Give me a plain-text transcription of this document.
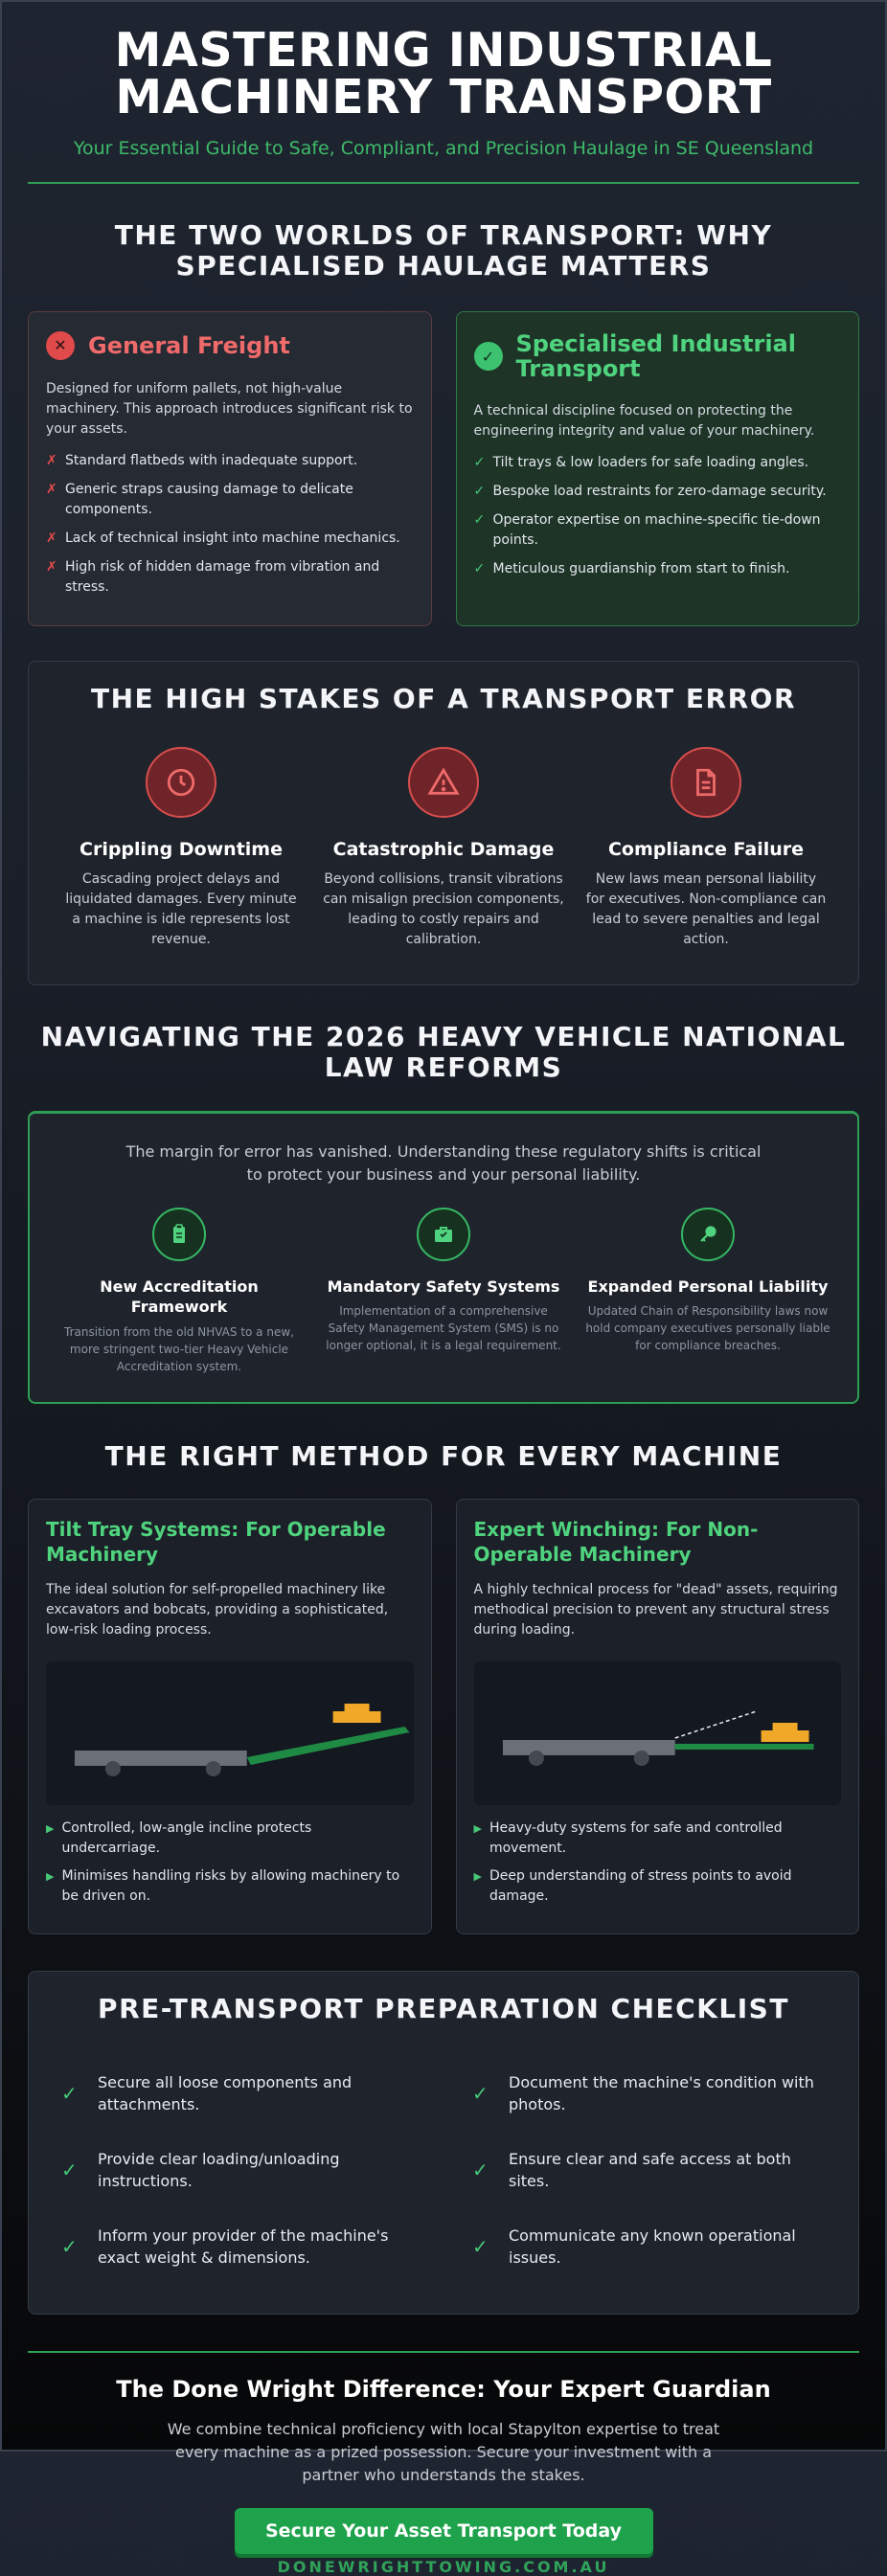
MASTERING INDUSTRIAL
MACHINERY TRANSPORT
Your Essential Guide to Safe, Compliant, and Precision Haulage in SE Queensland
THE TWO WORLDS OF TRANSPORT: WHY SPECIALISED HAULAGE MATTERS
✕ General Freight

Designed for uniform pallets, not high-value machinery. This approach introduces significant risk to your assets.

✗ Standard flatbeds with inadequate support.
✗ Generic straps causing damage to delicate components.
✗ Lack of technical insight into machine mechanics.
✗ High risk of hidden damage from vibration and stress.
✓ Specialised Industrial Transport

A technical discipline focused on protecting the engineering integrity and value of your machinery.

✓ Tilt trays & low loaders for safe loading angles.
✓ Bespoke load restraints for zero-damage security.
✓ Operator expertise on machine-specific tie-down points.
✓ Meticulous guardianship from start to finish.
THE HIGH STAKES OF A TRANSPORT ERROR
Crippling Downtime

Cascading project delays and liquidated damages. Every minute a machine is idle represents lost revenue.

Catastrophic Damage

Beyond collisions, transit vibrations can misalign precision components, leading to costly repairs and calibration.

Compliance Failure

New laws mean personal liability for executives. Non-compliance can lead to severe penalties and legal action.

NAVIGATING THE 2026 HEAVY VEHICLE NATIONAL LAW REFORMS

The margin for error has vanished. Understanding these regulatory shifts is critical to protect your business and your personal liability.

New Accreditation Framework

Transition from the old NHVAS to a new, more stringent two-tier Heavy Vehicle Accreditation system.

Mandatory Safety Systems

Implementation of a comprehensive Safety Management System (SMS) is no longer optional, it is a legal requirement.

Expanded Personal Liability

Updated Chain of Responsibility laws now hold company executives personally liable for compliance breaches.

THE RIGHT METHOD FOR EVERY MACHINE
Tilt Tray Systems: For Operable Machinery

The ideal solution for self-propelled machinery like excavators and bobcats, providing a sophisticated, low-risk loading process.

▶ Controlled, low-angle incline protects undercarriage.
▶ Minimises handling risks by allowing machinery to be driven on.
Expert Winching: For Non-Operable Machinery

A highly technical process for "dead" assets, requiring methodical precision to prevent any structural stress during loading.

▶ Heavy-duty systems for safe and controlled movement.
▶ Deep understanding of stress points to avoid damage.
PRE-TRANSPORT PREPARATION CHECKLIST
✓ Secure all loose components and attachments.	✓ Document the machine's condition with photos.
✓ Provide clear loading/unloading instructions.	✓ Ensure clear and safe access at both sites.
✓ Inform your provider of the machine's exact weight & dimensions.	✓ Communicate any known operational issues.
The Done Wright Difference: Your Expert Guardian

We combine technical proficiency with local Stapylton expertise to treat every machine as a prized possession. Secure your investment with a partner who understands the stakes.

Secure Your Asset Transport Today
DONEWRIGHTTOWING.COM.AU
